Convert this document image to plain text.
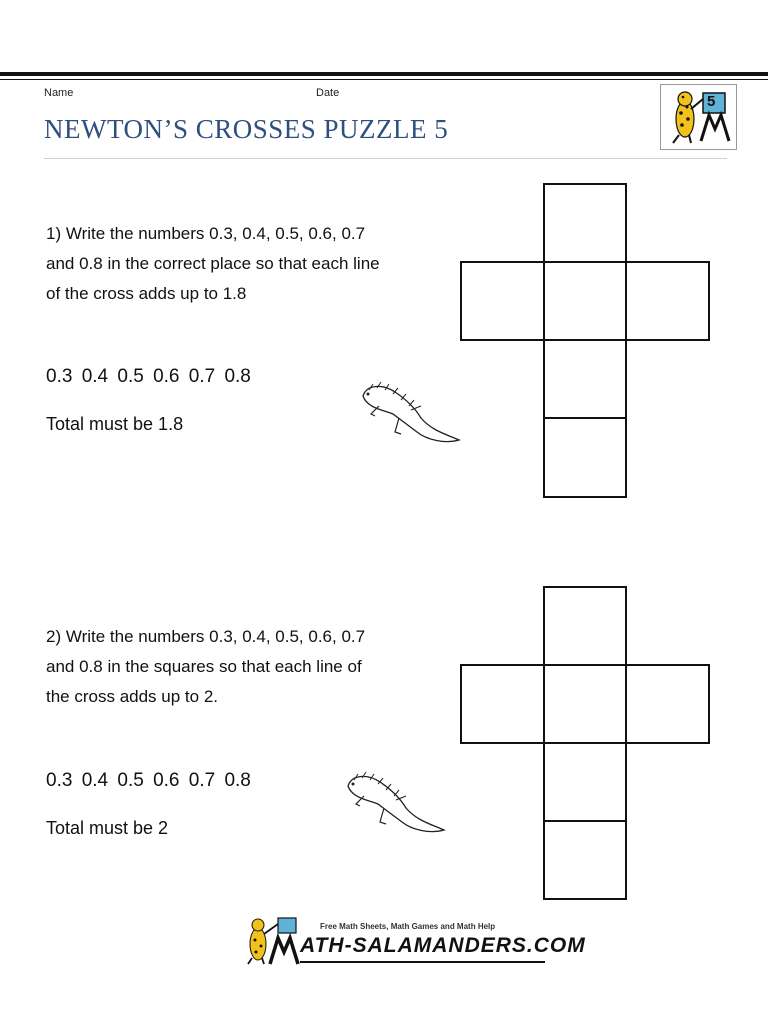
Name	Date
NEWTON’S CROSSES PUZZLE 5
5
1) Write the numbers 0.3, 0.4, 0.5, 0.6, 0.7
and 0.8 in the correct place so that each line
of the cross adds up to 1.8
0.3 0.4 0.5 0.6 0.7 0.8
Total must be 1.8
2) Write the numbers 0.3, 0.4, 0.5, 0.6, 0.7
and 0.8 in the squares so that each line of
the cross adds up to 2.
0.3 0.4 0.5 0.6 0.7 0.8
Total must be 2
Free Math Sheets, Math Games and Math Help
ATH-SALAMANDERS.COM
